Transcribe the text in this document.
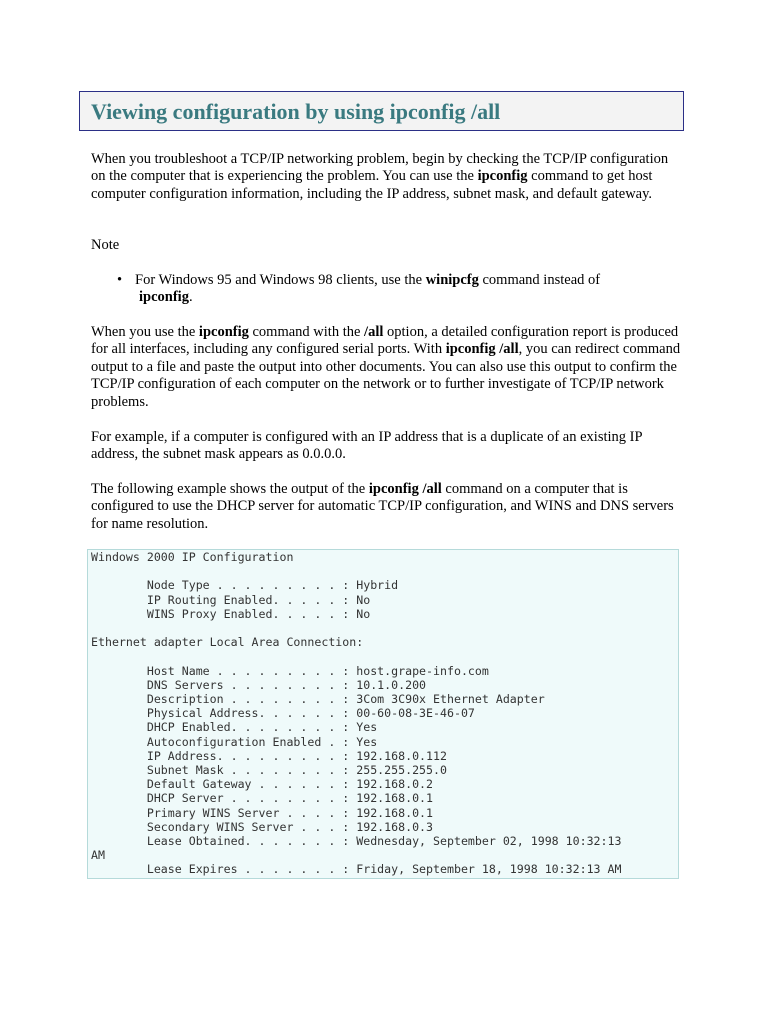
Viewing configuration by using ipconfig /all

When you troubleshoot a TCP/IP networking problem, begin by checking the TCP/IP configuration on the computer that is experiencing the problem. You can use the ipconfig command to get host computer configuration information, including the IP address, subnet mask, and default gateway.

Note

• For Windows 95 and Windows 98 clients, use the winipcfg command instead of
ipconfig.

When you use the ipconfig command with the /all option, a detailed configuration report is produced for all interfaces, including any configured serial ports. With ipconfig /all, you can redirect command output to a file and paste the output into other documents. You can also use this output to confirm the TCP/IP configuration of each computer on the network or to further investigate of TCP/IP network problems.

For example, if a computer is configured with an IP address that is a duplicate of an existing IP address, the subnet mask appears as 0.0.0.0.

The following example shows the output of the ipconfig /all command on a computer that is configured to use the DHCP server for automatic TCP/IP configuration, and WINS and DNS servers for name resolution.

Windows 2000 IP Configuration

Node Type . . . . . . . . . : Hybrid
IP Routing Enabled. . . . . : No
WINS Proxy Enabled. . . . . : No

Ethernet adapter Local Area Connection:

Host Name . . . . . . . . . : host.grape-info.com
DNS Servers . . . . . . . . : 10.1.0.200
Description . . . . . . . . : 3Com 3C90x Ethernet Adapter
Physical Address. . . . . . : 00-60-08-3E-46-07
DHCP Enabled. . . . . . . . : Yes
Autoconfiguration Enabled . : Yes
IP Address. . . . . . . . . : 192.168.0.112
Subnet Mask . . . . . . . . : 255.255.255.0
Default Gateway . . . . . . : 192.168.0.2
DHCP Server . . . . . . . . : 192.168.0.1
Primary WINS Server . . . . : 192.168.0.1
Secondary WINS Server . . . : 192.168.0.3
Lease Obtained. . . . . . . : Wednesday, September 02, 1998 10:32:13
AM
Lease Expires . . . . . . . : Friday, September 18, 1998 10:32:13 AM
